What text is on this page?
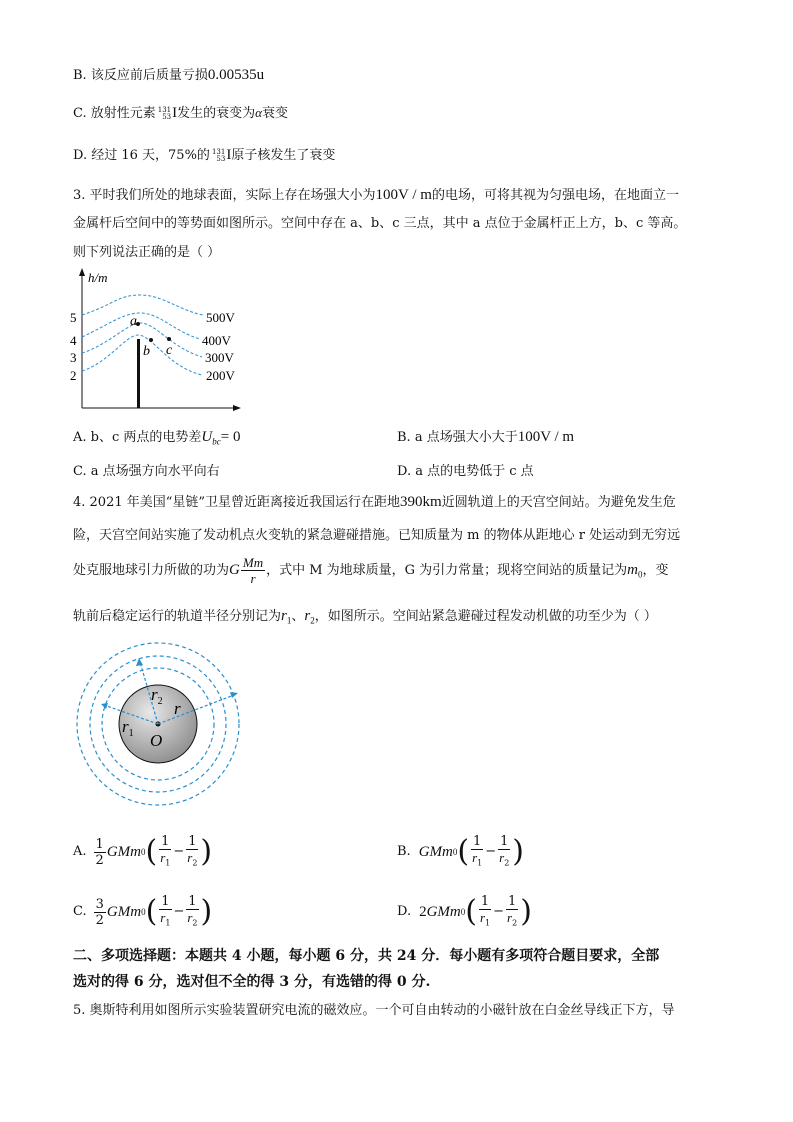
B. 该反应前后质量亏损0.00535u
C. 放射性元素 131
53I发生的衰变为α衰变
D. 经过 16 天，75%的 131
53I原子核发生了衰变
3. 平时我们所处的地球表面，实际上存在场强大小为100V / m的电场，可将其视为匀强电场，在地面立一
金属杆后空间中的等势面如图所示。空间中存在 a、b、c 三点，其中 a 点位于金属杆正上方，b、c 等高。
则下列说法正确的是（ ）
h/m
5
4
3
2
a
b c
500V
400V
300V
200V
A. b、c 两点的电势差$U_{bc}= 0$	B. a 点场强大小大于100V / m
C. a 点场强方向水平向右	D. a 点的电势低于 c 点
4. 2021 年美国“星链”卫星曾近距离接近我国运行在距地390km近圆轨道上的天宫空间站。为避免发生危
险，天宫空间站实施了发动机点火变轨的紧急避碰措施。已知质量为 m 的物体从距地心 r 处运动到无穷远
处克服地球引力所做的功为G $\frac{Mm}{r}$ ，式中 M 为地球质量，G 为引力常量；现将空间站的质量记为$m_0$，变
轨前后稳定运行的轨道半径分别记为$r_1$、$r_2$，如图所示。空间站紧急避碰过程发动机做的功至少为（ ）
$r_1$
$r_2$ r
O
A. $\frac{1}{2}$ GMm 0 ( $\frac{1}{r_1} - \frac{1}{r_2}$ )	B. GMm 0 ( $\frac{1}{r_1} - \frac{1}{r_2}$ )
C. $\frac{3}{2}$ GMm 0 ( $\frac{1}{r_1} - \frac{1}{r_2}$ )	D. 2 GMm 0 ( $\frac{1}{r_1} - \frac{1}{r_2}$ )
二、多项选择题：本题共 4 小题，每小题 6 分，共 24 分．每小题有多项符合题目要求，全部
选对的得 6 分，选对但不全的得 3 分，有选错的得 0 分.
5. 奥斯特利用如图所示实验装置研究电流的磁效应。一个可自由转动的小磁针放在白金丝导线正下方，导
